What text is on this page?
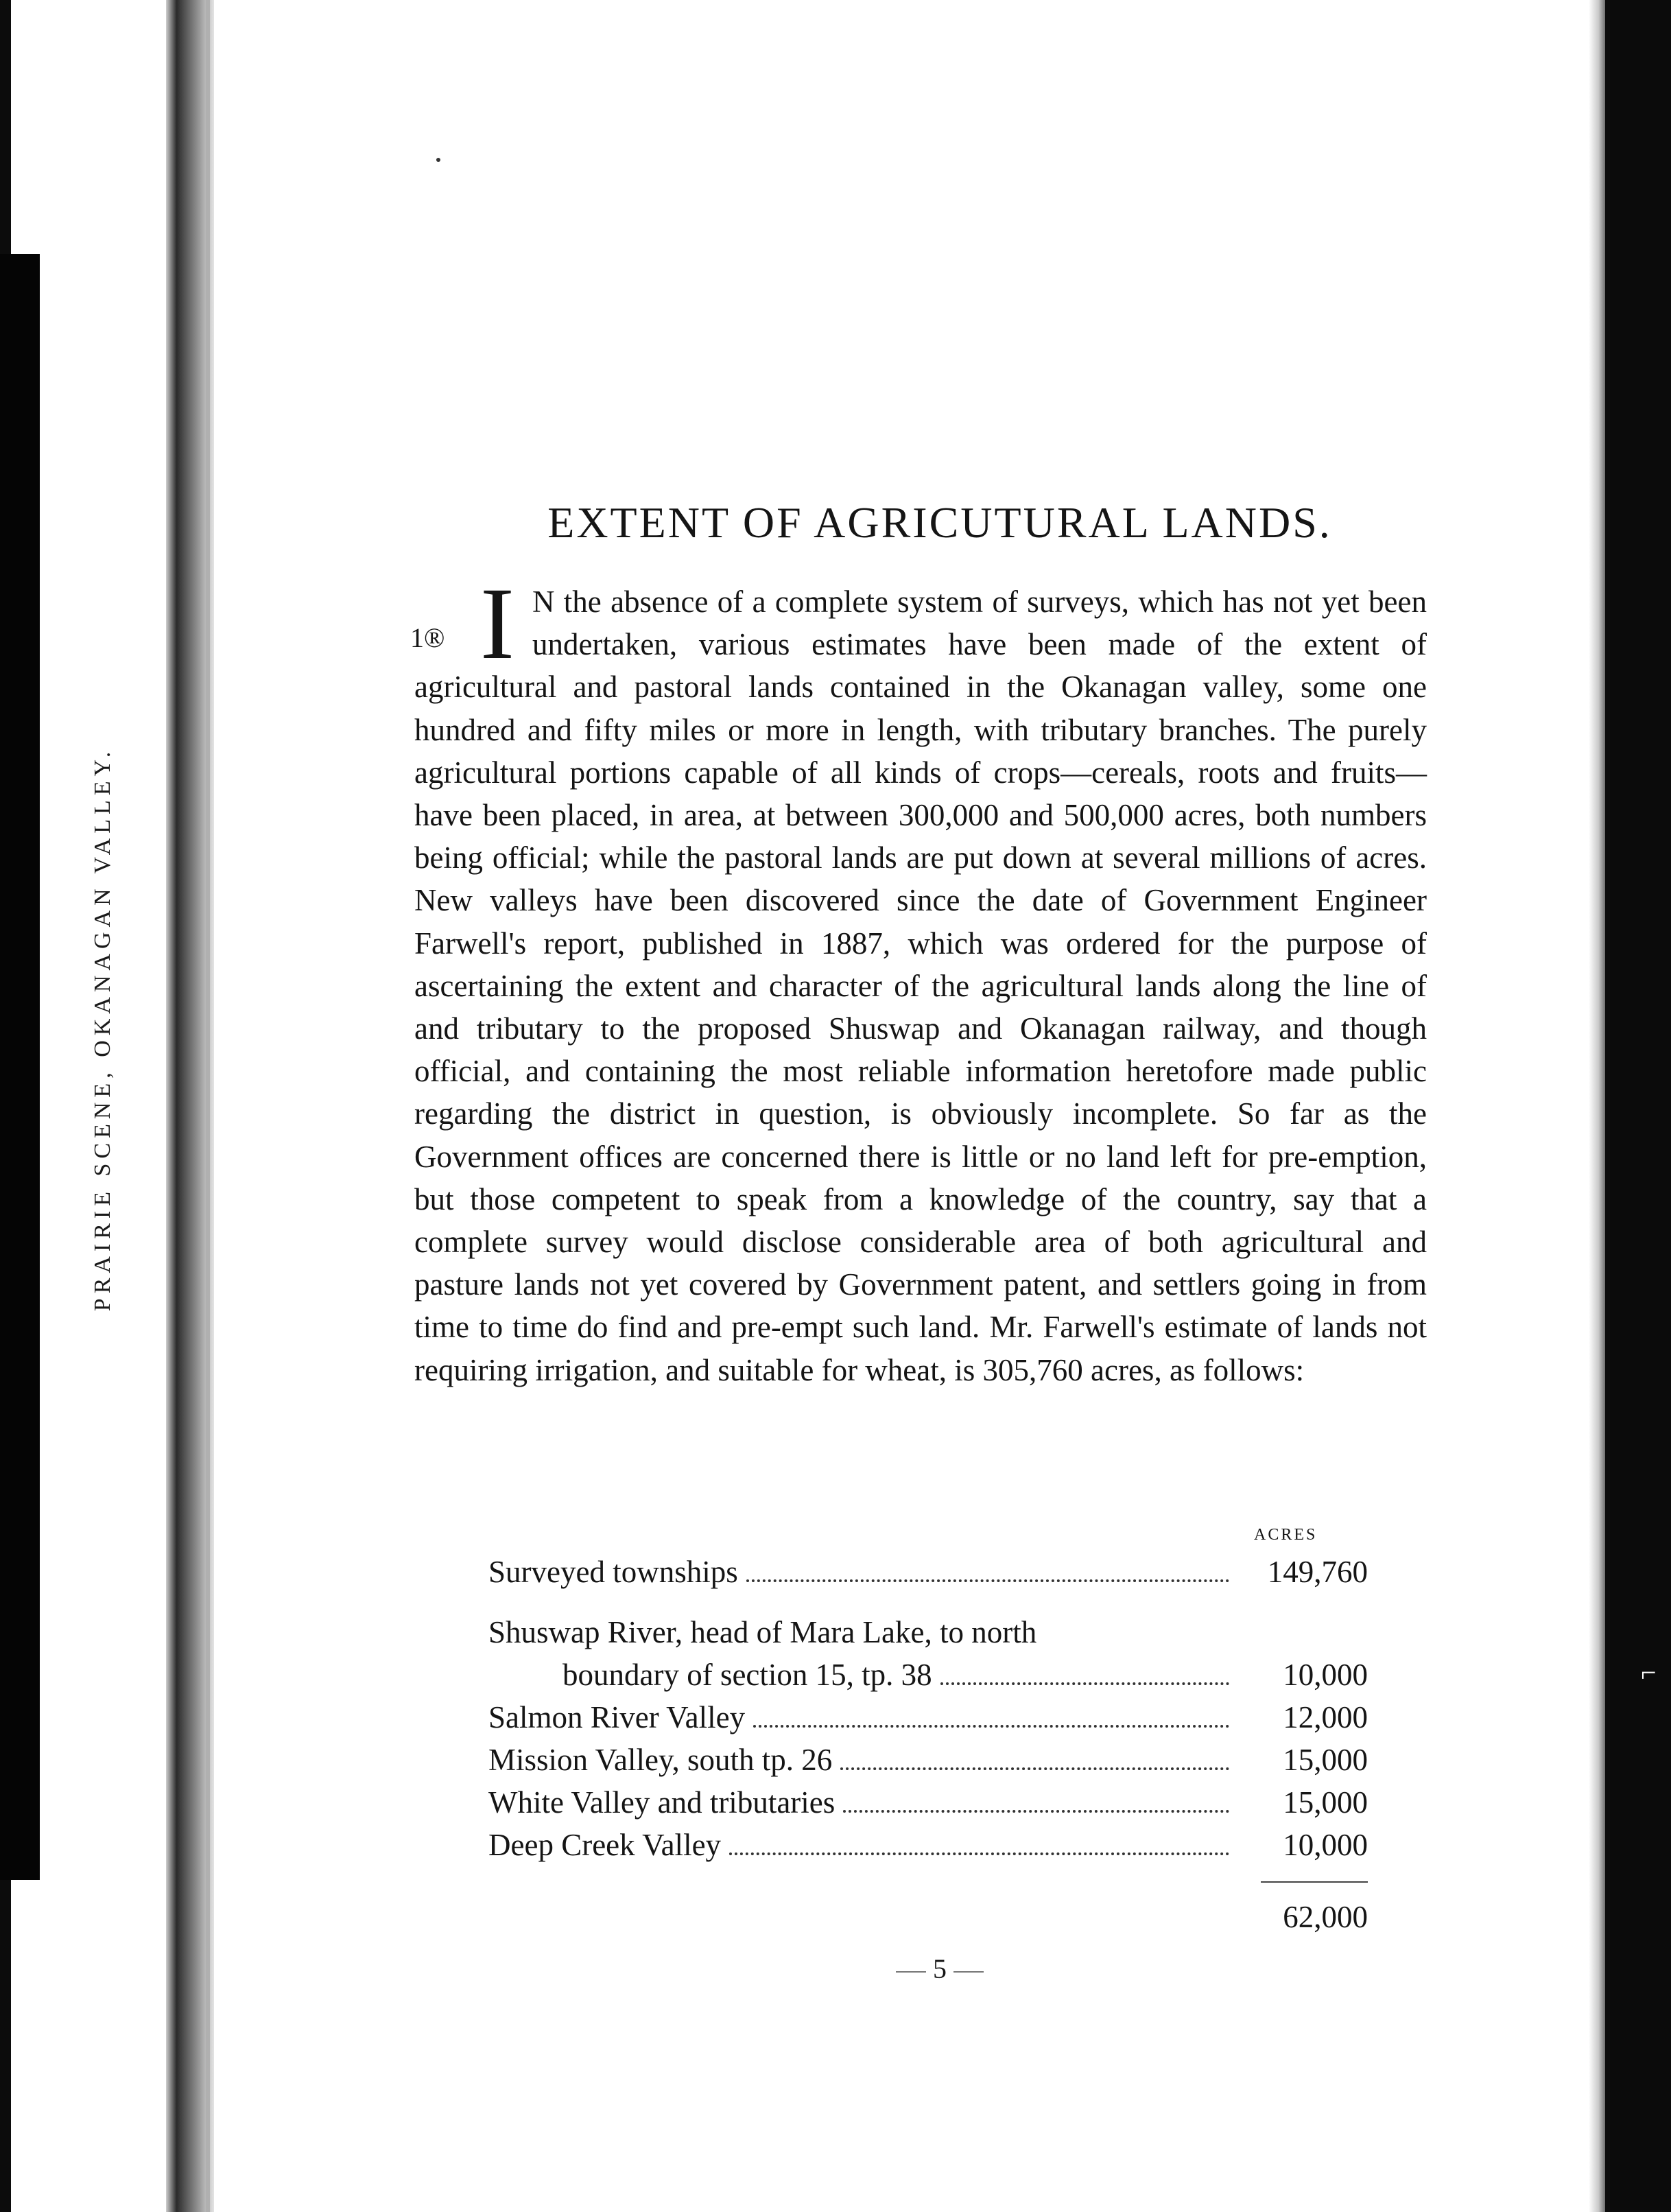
⌐
PRAIRIE SCENE, OKANAGAN VALLEY.
EXTENT OF AGRICUTURAL LANDS.
1® I N the absence of a complete system of surveys, which has not yet been undertaken, various estimates have been made of the extent of agricultural and pastoral lands contained in the Okanagan valley, some one hundred and fifty miles or more in length, with tributary branches. The purely agricultural portions capable of all kinds of crops—cereals, roots and fruits—have been placed, in area, at between 300,000 and 500,000 acres, both numbers being official; while the pastoral lands are put down at several millions of acres. New valleys have been discovered since the date of Government Engineer Farwell's report, published in 1887, which was ordered for the purpose of ascertaining the extent and character of the agricultural lands along the line of and tributary to the proposed Shuswap and Okanagan railway, and though official, and containing the most reliable information heretofore made public regarding the district in question, is obviously incomplete. So far as the Government offices are concerned there is little or no land left for pre-emption, but those competent to speak from a knowledge of the country, say that a complete survey would disclose considerable area of both agricultural and pasture lands not yet covered by Government patent, and settlers going in from time to time do find and pre-empt such land. Mr. Farwell's estimate of lands not requiring irrigation, and suitable for wheat, is 305,760 acres, as follows:

ACRES
Surveyed townships	149,760
Shuswap River, head of Mara Lake, to north
boundary of section 15, tp. 38	10,000
Salmon River Valley	12,000
Mission Valley, south tp. 26	15,000
White Valley and tributaries	15,000
Deep Creek Valley	10,000
62,000
5
